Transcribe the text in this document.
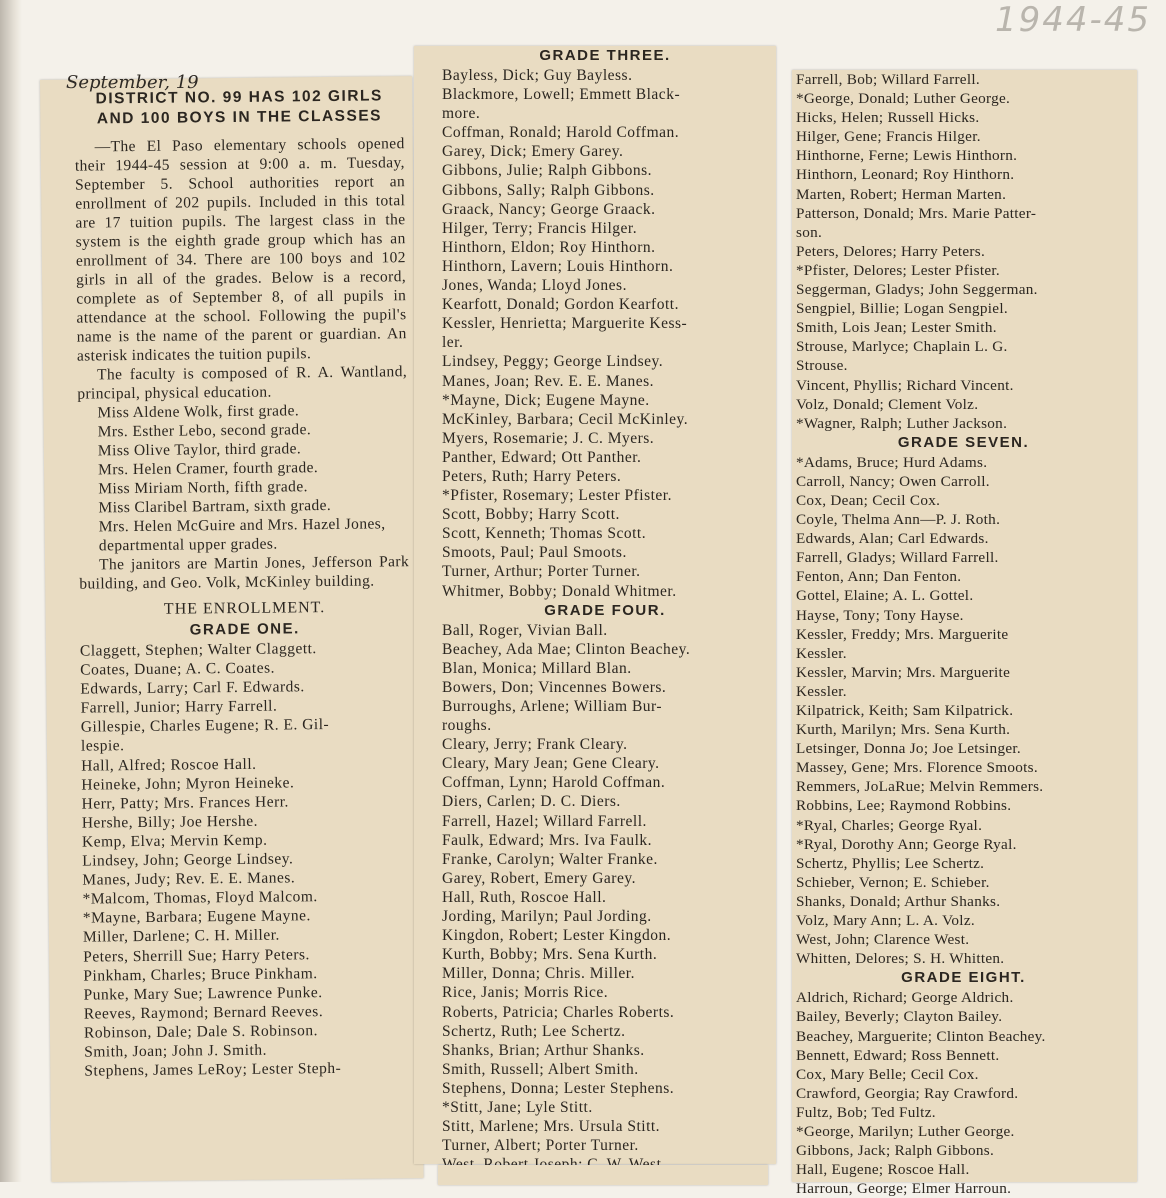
1944-45
DISTRICT NO. 99 HAS 102 GIRLS AND 100 BOYS IN THE CLASSES

—The El Paso elementary schools opened their 1944-45 session at 9:00 a. m. Tuesday, September 5. School authorities report an enrollment of 202 pupils. Included in this total are 17 tuition pupils. The largest class in the system is the eighth grade group which has an enrollment of 34. There are 100 boys and 102 girls in all of the grades. Below is a record, complete as of September 8, of all pupils in attendance at the school. Following the pupil's name is the name of the parent or guardian. An asterisk indicates the tuition pupils.

The faculty is composed of R. A. Wantland, principal, physical education.

Miss Aldene Wolk, first grade.
Mrs. Esther Lebo, second grade.
Miss Olive Taylor, third grade.
Mrs. Helen Cramer, fourth grade.
Miss Miriam North, fifth grade.
Miss Claribel Bartram, sixth grade.
Mrs. Helen McGuire and Mrs. Hazel Jones, departmental upper grades.

The janitors are Martin Jones, Jefferson Park building, and Geo. Volk, McKinley building.

THE ENROLLMENT.
GRADE ONE.
Claggett, Stephen; Walter Claggett.
Coates, Duane; A. C. Coates.
Edwards, Larry; Carl F. Edwards.
Farrell, Junior; Harry Farrell.
Gillespie, Charles Eugene; R. E. Gil-
lespie.
Hall, Alfred; Roscoe Hall.
Heineke, John; Myron Heineke.
Herr, Patty; Mrs. Frances Herr.
Hershe, Billy; Joe Hershe.
Kemp, Elva; Mervin Kemp.
Lindsey, John; George Lindsey.
Manes, Judy; Rev. E. E. Manes.
*Malcom, Thomas, Floyd Malcom.
*Mayne, Barbara; Eugene Mayne.
Miller, Darlene; C. H. Miller.
Peters, Sherrill Sue; Harry Peters.
Pinkham, Charles; Bruce Pinkham.
Punke, Mary Sue; Lawrence Punke.
Reeves, Raymond; Bernard Reeves.
Robinson, Dale; Dale S. Robinson.
Smith, Joan; John J. Smith.
Stephens, James LeRoy; Lester Steph-
September, 19
GRADE THREE.
Bayless, Dick; Guy Bayless.
Blackmore, Lowell; Emmett Black-
more.
Coffman, Ronald; Harold Coffman.
Garey, Dick; Emery Garey.
Gibbons, Julie; Ralph Gibbons.
Gibbons, Sally; Ralph Gibbons.
Graack, Nancy; George Graack.
Hilger, Terry; Francis Hilger.
Hinthorn, Eldon; Roy Hinthorn.
Hinthorn, Lavern; Louis Hinthorn.
Jones, Wanda; Lloyd Jones.
Kearfott, Donald; Gordon Kearfott.
Kessler, Henrietta; Marguerite Kess-
ler.
Lindsey, Peggy; George Lindsey.
Manes, Joan; Rev. E. E. Manes.
*Mayne, Dick; Eugene Mayne.
McKinley, Barbara; Cecil McKinley.
Myers, Rosemarie; J. C. Myers.
Panther, Edward; Ott Panther.
Peters, Ruth; Harry Peters.
*Pfister, Rosemary; Lester Pfister.
Scott, Bobby; Harry Scott.
Scott, Kenneth; Thomas Scott.
Smoots, Paul; Paul Smoots.
Turner, Arthur; Porter Turner.
Whitmer, Bobby; Donald Whitmer.
GRADE FOUR.
Ball, Roger, Vivian Ball.
Beachey, Ada Mae; Clinton Beachey.
Blan, Monica; Millard Blan.
Bowers, Don; Vincennes Bowers.
Burroughs, Arlene; William Bur-
roughs.
Cleary, Jerry; Frank Cleary.
Cleary, Mary Jean; Gene Cleary.
Coffman, Lynn; Harold Coffman.
Diers, Carlen; D. C. Diers.
Farrell, Hazel; Willard Farrell.
Faulk, Edward; Mrs. Iva Faulk.
Franke, Carolyn; Walter Franke.
Garey, Robert, Emery Garey.
Hall, Ruth, Roscoe Hall.
Jording, Marilyn; Paul Jording.
Kingdon, Robert; Lester Kingdon.
Kurth, Bobby; Mrs. Sena Kurth.
Miller, Donna; Chris. Miller.
Rice, Janis; Morris Rice.
Roberts, Patricia; Charles Roberts.
Schertz, Ruth; Lee Schertz.
Shanks, Brian; Arthur Shanks.
Smith, Russell; Albert Smith.
Stephens, Donna; Lester Stephens.
*Stitt, Jane; Lyle Stitt.
Stitt, Marlene; Mrs. Ursula Stitt.
Turner, Albert; Porter Turner.
Farrell, Bob; Willard Farrell.
*George, Donald; Luther George.
Hicks, Helen; Russell Hicks.
Hilger, Gene; Francis Hilger.
Hinthorne, Ferne; Lewis Hinthorn.
Hinthorn, Leonard; Roy Hinthorn.
Marten, Robert; Herman Marten.
Patterson, Donald; Mrs. Marie Patter-
son.
Peters, Delores; Harry Peters.
*Pfister, Delores; Lester Pfister.
Seggerman, Gladys; John Seggerman.
Sengpiel, Billie; Logan Sengpiel.
Smith, Lois Jean; Lester Smith.
Strouse, Marlyce; Chaplain L. G.
Strouse.
Vincent, Phyllis; Richard Vincent.
Volz, Donald; Clement Volz.
*Wagner, Ralph; Luther Jackson.
GRADE SEVEN.
*Adams, Bruce; Hurd Adams.
Carroll, Nancy; Owen Carroll.
Cox, Dean; Cecil Cox.
Coyle, Thelma Ann—P. J. Roth.
Edwards, Alan; Carl Edwards.
Farrell, Gladys; Willard Farrell.
Fenton, Ann; Dan Fenton.
Gottel, Elaine; A. L. Gottel.
Hayse, Tony; Tony Hayse.
Kessler, Freddy; Mrs. Marguerite
Kessler.
Kessler, Marvin; Mrs. Marguerite
Kessler.
Kilpatrick, Keith; Sam Kilpatrick.
Kurth, Marilyn; Mrs. Sena Kurth.
Letsinger, Donna Jo; Joe Letsinger.
Massey, Gene; Mrs. Florence Smoots.
Remmers, JoLaRue; Melvin Remmers.
Robbins, Lee; Raymond Robbins.
*Ryal, Charles; George Ryal.
*Ryal, Dorothy Ann; George Ryal.
Schertz, Phyllis; Lee Schertz.
Schieber, Vernon; E. Schieber.
Shanks, Donald; Arthur Shanks.
Volz, Mary Ann; L. A. Volz.
West, John; Clarence West.
Whitten, Delores; S. H. Whitten.
GRADE EIGHT.
Aldrich, Richard; George Aldrich.
Bailey, Beverly; Clayton Bailey.
Beachey, Marguerite; Clinton Beachey.
Bennett, Edward; Ross Bennett.
Cox, Mary Belle; Cecil Cox.
Crawford, Georgia; Ray Crawford.
Fultz, Bob; Ted Fultz.
*George, Marilyn; Luther George.
Gibbons, Jack; Ralph Gibbons.
Hall, Eugene; Roscoe Hall.
Harroun, George; Elmer Harroun.
